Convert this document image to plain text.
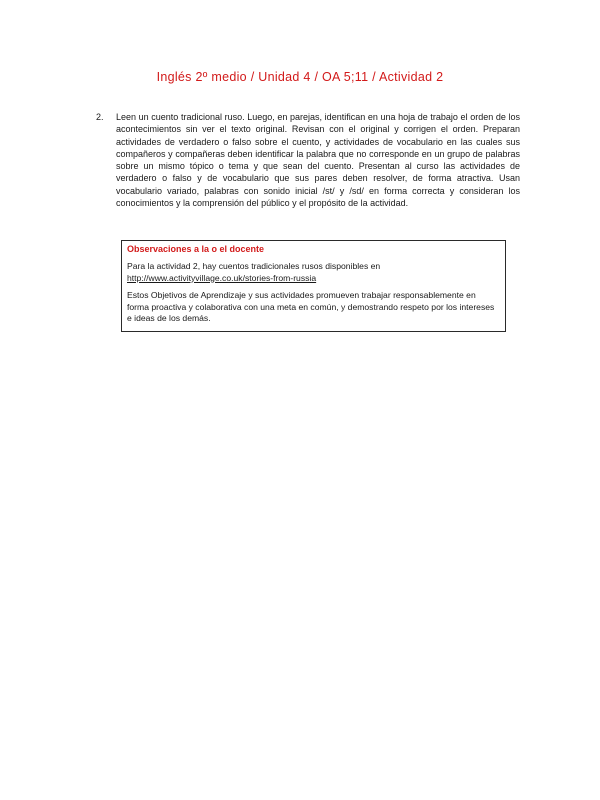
Inglés 2º medio / Unidad 4 / OA 5;11 / Actividad 2
2. Leen un cuento tradicional ruso. Luego, en parejas, identifican en una hoja de trabajo el orden de los acontecimientos sin ver el texto original. Revisan con el original y corrigen el orden. Preparan actividades de verdadero o falso sobre el cuento, y actividades de vocabulario en las cuales sus compañeros y compañeras deben identificar la palabra que no corresponde en un grupo de palabras sobre un mismo tópico o tema y que sean del cuento. Presentan al curso las actividades de verdadero o falso y de vocabulario que sus pares deben resolver, de forma atractiva. Usan vocabulario variado, palabras con sonido inicial /st/ y /sd/ en forma correcta y consideran los conocimientos y la comprensión del público y el propósito de la actividad.
Observaciones a la o el docente

Para la actividad 2, hay cuentos tradicionales rusos disponibles en

http://www.activityvillage.co.uk/stories-from-russia

Estos Objetivos de Aprendizaje y sus actividades promueven trabajar responsablemente en forma proactiva y colaborativa con una meta en común, y demostrando respeto por los intereses e ideas de los demás.
